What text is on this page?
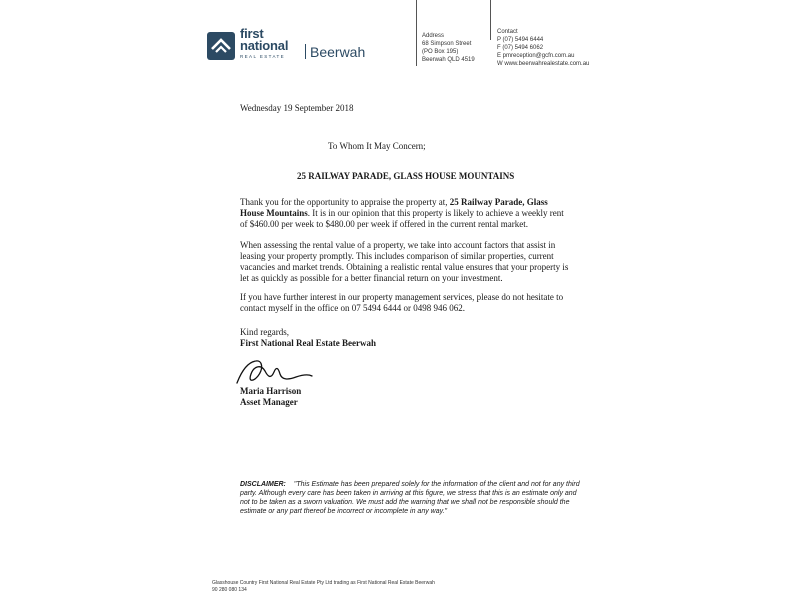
first
national
REAL ESTATE Beerwah
Address
68 Simpson Street
(PO Box 195)
Beerwah QLD 4519
Contact
P (07) 5494 6444
F (07) 5494 6062
E pmreception@gcfn.com.au
W www.beerwahrealestate.com.au
Wednesday 19 September 2018
To Whom It May Concern;
25 RAILWAY PARADE, GLASS HOUSE MOUNTAINS
Thank you for the opportunity to appraise the property at, 25 Railway Parade, Glass House Mountains. It is in our opinion that this property is likely to achieve a weekly rent of $460.00 per week to $480.00 per week if offered in the current rental market.
When assessing the rental value of a property, we take into account factors that assist in leasing your property promptly. This includes comparison of similar properties, current vacancies and market trends. Obtaining a realistic rental value ensures that your property is let as quickly as possible for a better financial return on your investment.
If you have further interest in our property management services, please do not hesitate to contact myself in the office on 07 5494 6444 or 0498 946 062.
Kind regards,
First National Real Estate Beerwah
Maria Harrison
Asset Manager
DISCLAIMER: "This Estimate has been prepared solely for the information of the client and not for any third party. Although every care has been taken in arriving at this figure, we stress that this is an estimate only and not to be taken as a sworn valuation. We must add the warning that we shall not be responsible should the estimate or any part thereof be incorrect or incomplete in any way."
Glasshouse Country First National Real Estate Pty Ltd trading as First National Real Estate Beerwah
90 280 080 134
